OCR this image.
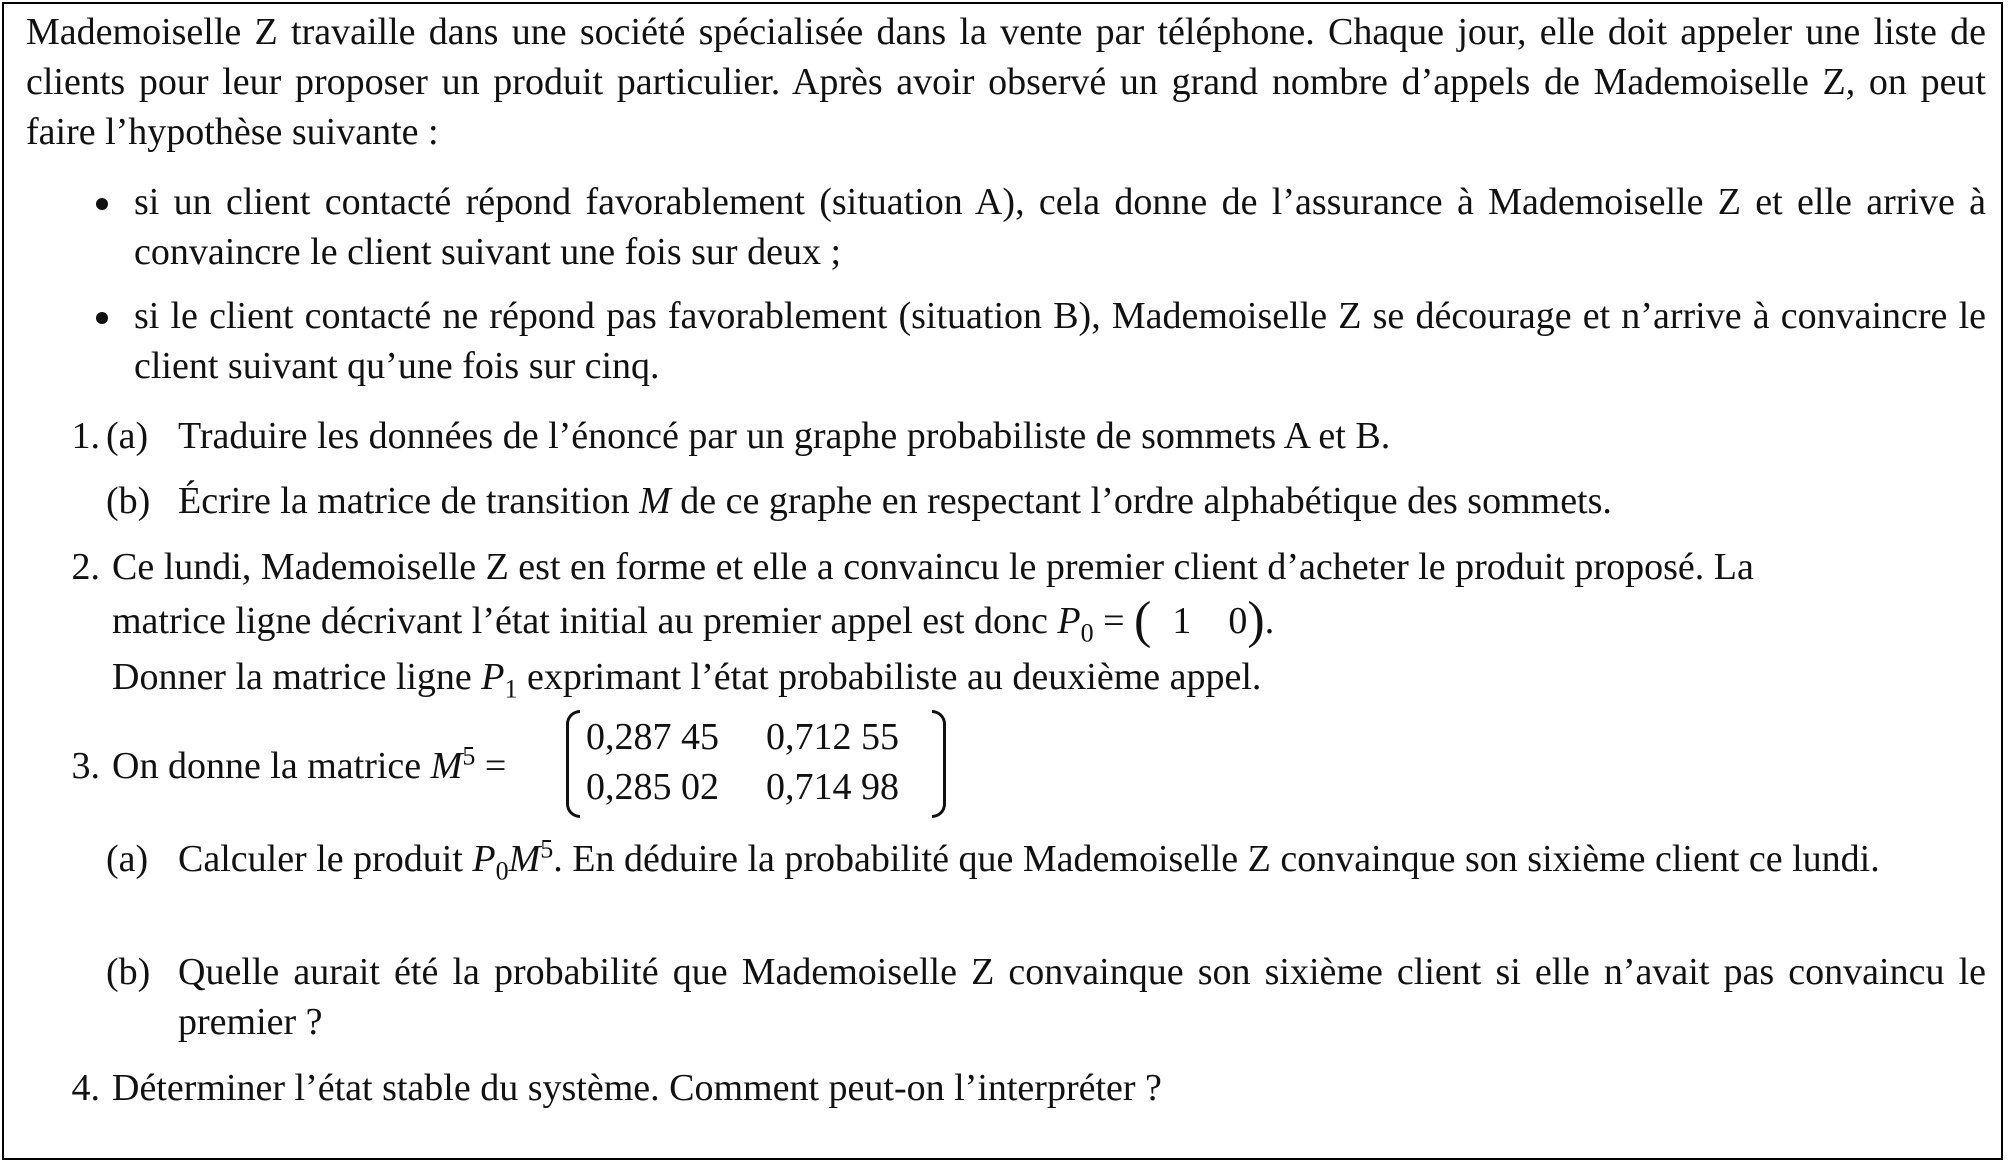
Mademoiselle Z travaille dans une société spécialisée dans la vente par téléphone. Chaque jour, elle doit appeler une liste de clients pour leur proposer un produit particulier. Après avoir observé un grand nombre d’appels de Mademoiselle Z, on peut faire l’hypothèse suivante :
si un client contacté répond favorablement (situation A), cela donne de l’assurance à Mademoiselle Z et elle arrive à convaincre le client suivant une fois sur deux ;
si le client contacté ne répond pas favorablement (situation B), Mademoiselle Z se décourage et n’arrive à convaincre le client suivant qu’une fois sur cinq.
1. (a) Traduire les données de l’énoncé par un graphe probabiliste de sommets A et B.
(b) Écrire la matrice de transition M de ce graphe en respectant l’ordre alphabétique des sommets.
2. Ce lundi, Mademoiselle Z est en forme et elle a convaincu le premier client d’acheter le produit proposé. La
matrice ligne décrivant l’état initial au premier appel est donc $P_0$ = ( 1 0).
Donner la matrice ligne $P_1$ exprimant l’état probabiliste au deuxième appel.
3. On donne la matrice $M^5$ =
0,287 45 0,712 55
0,285 02 0,714 98
(a) Calculer le produit $P_0M^5$. En déduire la probabilité que Mademoiselle Z convainque son sixième client ce lundi.
(b) Quelle aurait été la probabilité que Mademoiselle Z convainque son sixième client si elle n’avait pas convaincu le premier ?
4. Déterminer l’état stable du système. Comment peut-on l’interpréter ?
